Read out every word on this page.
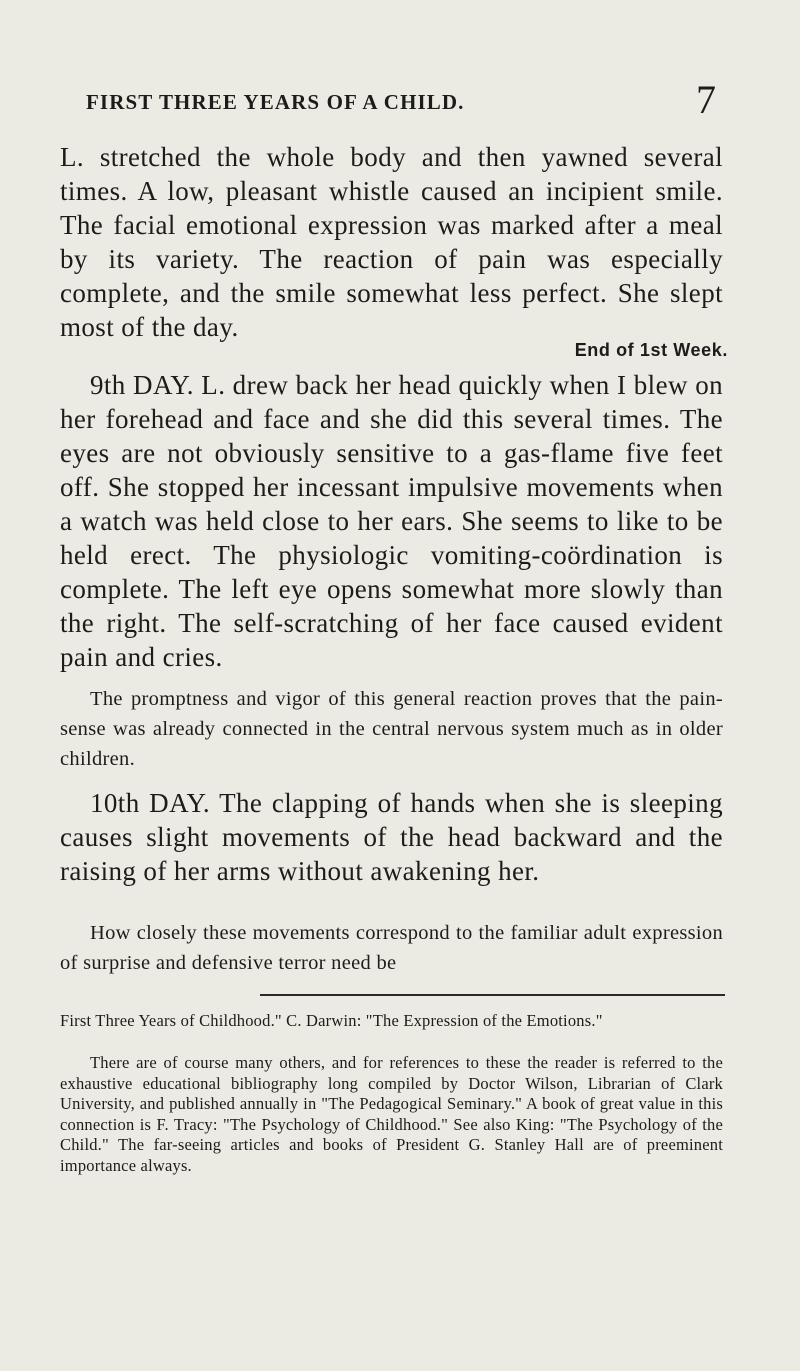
FIRST THREE YEARS OF A CHILD.	7

L. stretched the whole body and then yawned several times. A low, pleasant whistle caused an incipient smile. The facial emotional expression was marked after a meal by its variety. The reaction of pain was especially complete, and the smile somewhat less perfect. She slept most of the day.

End of 1st Week.

9th DAY. L. drew back her head quickly when I blew on her forehead and face and she did this several times. The eyes are not obviously sensitive to a gas-flame five feet off. She stopped her incessant impulsive movements when a watch was held close to her ears. She seems to like to be held erect. The physiologic vomiting-coördination is complete. The left eye opens somewhat more slowly than the right. The self-scratching of her face caused evident pain and cries.

The promptness and vigor of this general reaction proves that the pain-sense was already connected in the central nervous system much as in older children.

10th DAY. The clapping of hands when she is sleeping causes slight movements of the head backward and the raising of her arms without awakening her.

How closely these movements correspond to the familiar adult expression of surprise and defensive terror need be

First Three Years of Childhood." C. Darwin: "The Expression of the Emotions."

There are of course many others, and for references to these the reader is referred to the exhaustive educational bibliography long compiled by Doctor Wilson, Librarian of Clark University, and published annually in "The Pedagogical Seminary." A book of great value in this connection is F. Tracy: "The Psychology of Childhood." See also King: "The Psychology of the Child." The far-seeing articles and books of President G. Stanley Hall are of preeminent importance always.
